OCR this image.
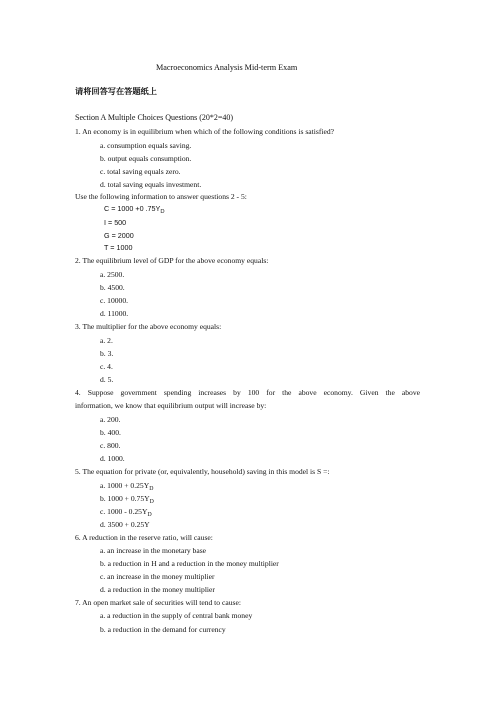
Macroeconomics Analysis Mid-term Exam
请将回答写在答题纸上
Section A Multiple Choices Questions (20*2=40)
1. An economy is in equilibrium when which of the following conditions is satisfied?
a. consumption equals saving.
b. output equals consumption.
c. total saving equals zero.
d. total saving equals investment.
Use the following information to answer questions 2 - 5:
C = 1000 +0 $.75Y_D$
I = 500
G = 2000
T = 1000
2. The equilibrium level of GDP for the above economy equals:
a. 2500.
b. 4500.
c. 10000.
d. 11000.
3. The multiplier for the above economy equals:
a. 2.
b. 3.
c. 4.
d. 5.
4. Suppose government spending increases by 100 for the above economy. Given the above
information, we know that equilibrium output will increase by:
a. 200.
b. 400.
c. 800.
d. 1000.
5. The equation for private (or, equivalently, household) saving in this model is S =:
a. $1000 + 0.25Y_D$
b. $1000 + 0.75Y_D$
c. $1000 - 0.25Y_D$
d. 3500 + 0.25Y
6. A reduction in the reserve ratio, will cause:
a. an increase in the monetary base
b. a reduction in H and a reduction in the money multiplier
c. an increase in the money multiplier
d. a reduction in the money multiplier
7. An open market sale of securities will tend to cause:
a. a reduction in the supply of central bank money
b. a reduction in the demand for currency
